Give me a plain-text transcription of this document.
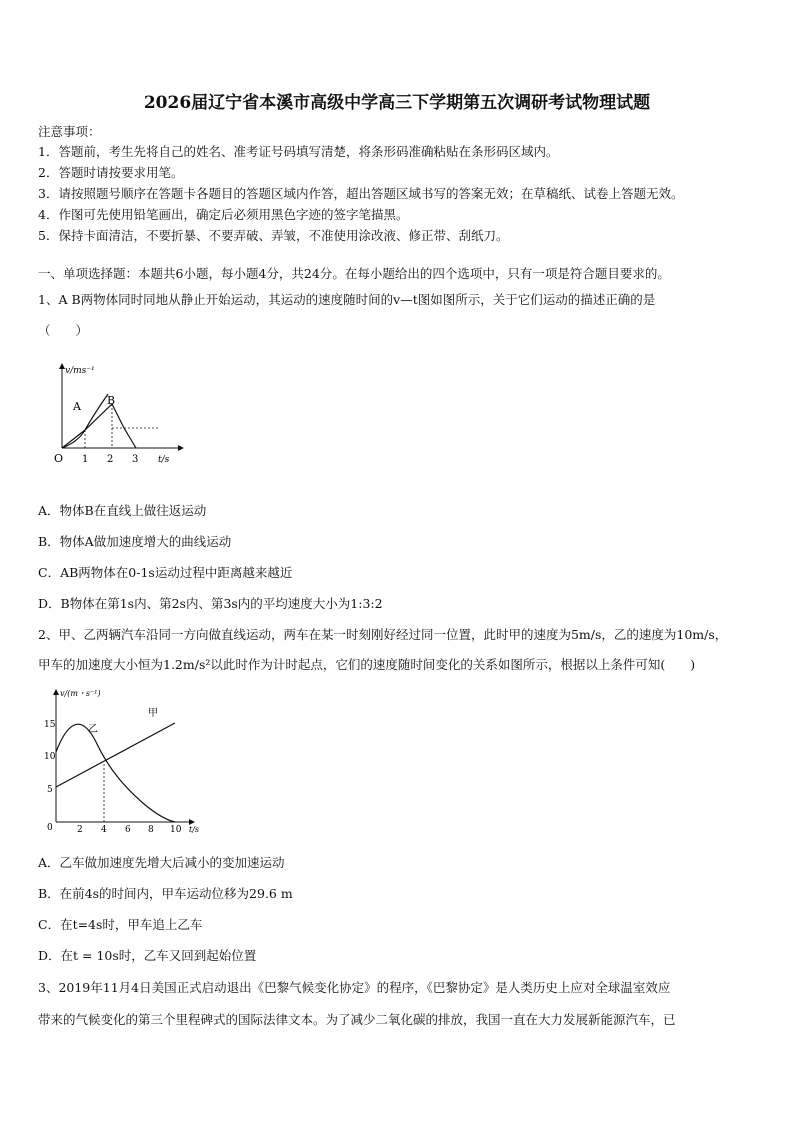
2026届辽宁省本溪市高级中学高三下学期第五次调研考试物理试题
注意事项：
1．答题前，考生先将自己的姓名、准考证号码填写清楚，将条形码准确粘贴在条形码区域内。
2．答题时请按要求用笔。
3．请按照题号顺序在答题卡各题目的答题区域内作答，超出答题区域书写的答案无效；在草稿纸、试卷上答题无效。
4．作图可先使用铅笔画出，确定后必须用黑色字迹的签字笔描黑。
5．保持卡面清洁，不要折暴、不要弄破、弄皱，不准使用涂改液、修正带、刮纸刀。
一、单项选择题：本题共6小题，每小题4分，共24分。在每小题给出的四个选项中，只有一项是符合题目要求的。
1、A B两物体同时同地从静止开始运动，其运动的速度随时间的v—t图如图所示，关于它们运动的描述正确的是
（　　）
v/ms⁻¹
A B
O 1 2 3 t/s
A．物体B在直线上做往返运动
B．物体A做加速度增大的曲线运动
C．AB两物体在0-1s运动过程中距离越来越近
D．B物体在第1s内、第2s内、第3s内的平均速度大小为1:3:2
2、甲、乙两辆汽车沿同一方向做直线运动，两车在某一时刻刚好经过同一位置，此时甲的速度为5m/s，乙的速度为10m/s，
甲车的加速度大小恒为1.2m/s²以此时作为计时起点，它们的速度随时间变化的关系如图所示，根据以上条件可知(　　)
v/(m・s⁻¹)
甲
乙
15
10
5
0	2 4 6 8 10 t/s
A．乙车做加速度先增大后减小的变加速运动
B．在前4s的时间内，甲车运动位移为29.6 m
C．在t=4s时，甲车追上乙车
D．在t = 10s时，乙车又回到起始位置
3、2019年11月4日美国正式启动退出《巴黎气候变化协定》的程序，《巴黎协定》是人类历史上应对全球温室效应
带来的气候变化的第三个里程碑式的国际法律文本。为了减少二氧化碳的排放，我国一直在大力发展新能源汽车，已
